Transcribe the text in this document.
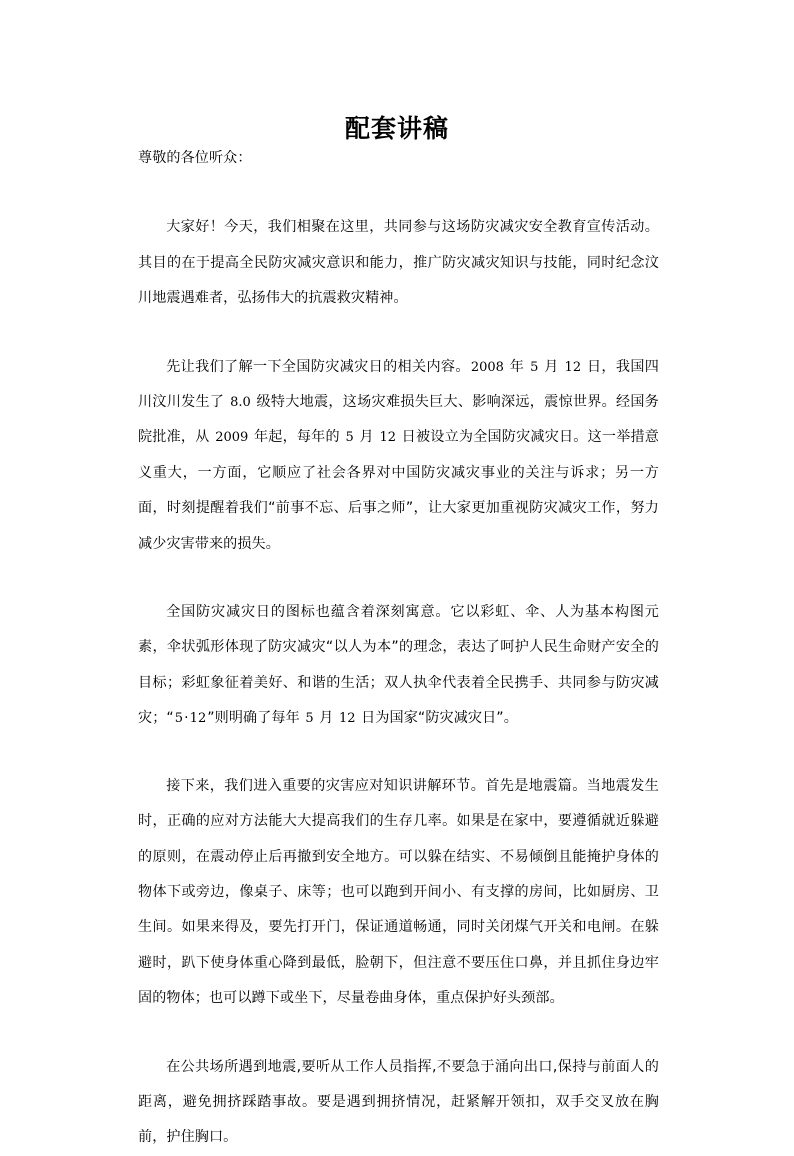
配套讲稿

尊敬的各位听众：

大家好！今天，我们相聚在这里，共同参与这场防灾减灾安全教育宣传活动。其目的在于提高全民防灾减灾意识和能力，推广防灾减灾知识与技能，同时纪念汶川地震遇难者，弘扬伟大的抗震救灾精神。

先让我们了解一下全国防灾减灾日的相关内容。2008 年 5 月 12 日，我国四川汶川发生了 8.0 级特大地震，这场灾难损失巨大、影响深远，震惊世界。经国务院批准，从 2009 年起，每年的 5 月 12 日被设立为全国防灾减灾日。这一举措意义重大，一方面，它顺应了社会各界对中国防灾减灾事业的关注与诉求；另一方面，时刻提醒着我们“前事不忘、后事之师”，让大家更加重视防灾减灾工作，努力减少灾害带来的损失。

全国防灾减灾日的图标也蕴含着深刻寓意。它以彩虹、伞、人为基本构图元素，伞状弧形体现了防灾减灾“以人为本”的理念，表达了呵护人民生命财产安全的目标；彩虹象征着美好、和谐的生活；双人执伞代表着全民携手、共同参与防灾减灾；“5·12”则明确了每年 5 月 12 日为国家“防灾减灾日”。

接下来，我们进入重要的灾害应对知识讲解环节。首先是地震篇。当地震发生时，正确的应对方法能大大提高我们的生存几率。如果是在家中，要遵循就近躲避的原则，在震动停止后再撤到安全地方。可以躲在结实、不易倾倒且能掩护身体的物体下或旁边，像桌子、床等；也可以跑到开间小、有支撑的房间，比如厨房、卫生间。如果来得及，要先打开门，保证通道畅通，同时关闭煤气开关和电闸。在躲避时，趴下使身体重心降到最低，脸朝下，但注意不要压住口鼻，并且抓住身边牢固的物体；也可以蹲下或坐下，尽量卷曲身体，重点保护好头颈部。

在公共场所遇到地震,要听从工作人员指挥,不要急于涌向出口,保持与前面人的距离，避免拥挤踩踏事故。要是遇到拥挤情况，赶紧解开领扣，双手交叉放在胸前，护住胸口。
